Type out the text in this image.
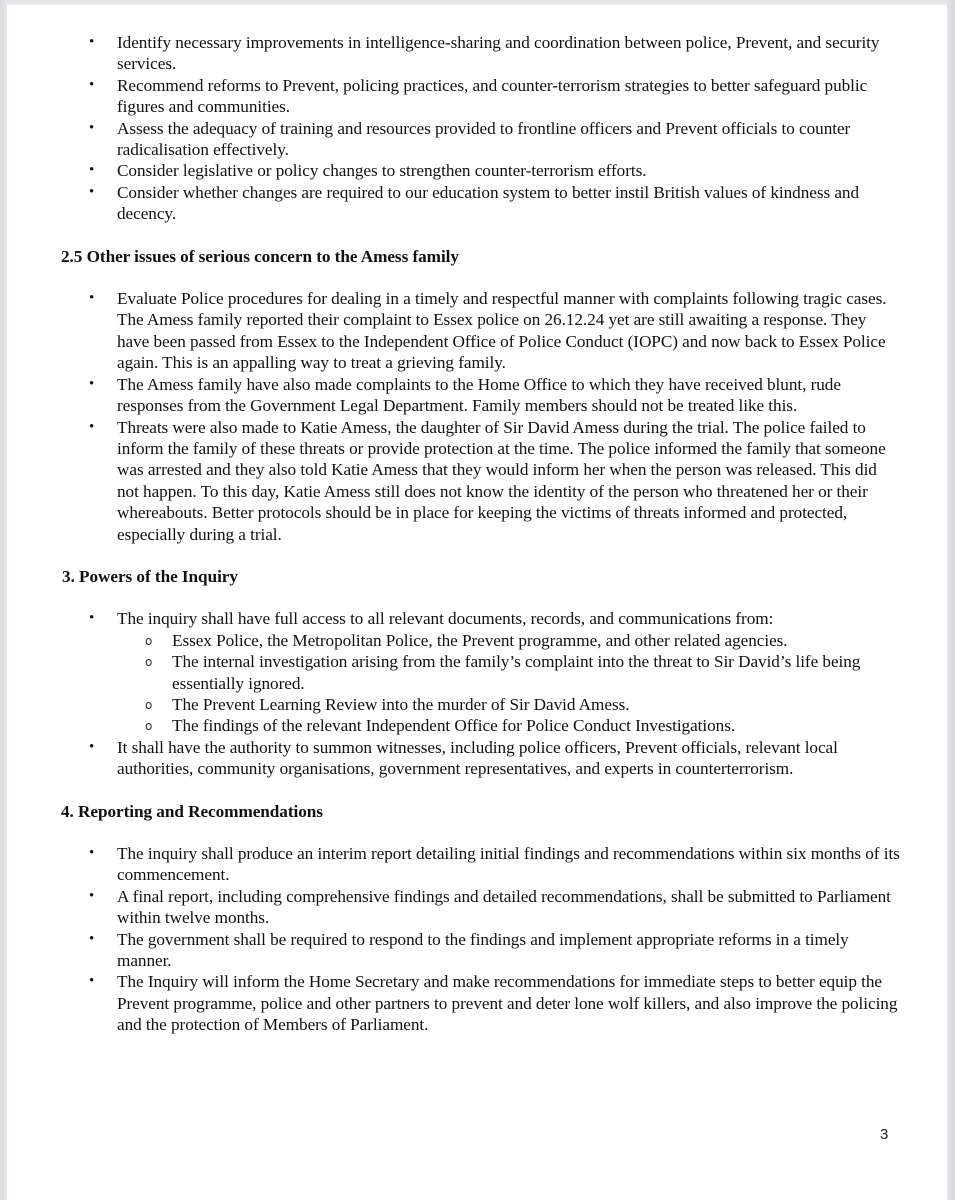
• Identify necessary improvements in intelligence-sharing and coordination between police, Prevent, and security services.
• Recommend reforms to Prevent, policing practices, and counter-terrorism strategies to better safeguard public figures and communities.
• Assess the adequacy of training and resources provided to frontline officers and Prevent officials to counter radicalisation effectively.
• Consider legislative or policy changes to strengthen counter-terrorism efforts.
• Consider whether changes are required to our education system to better instil British values of kindness and decency.

2.5 Other issues of serious concern to the Amess family

• Evaluate Police procedures for dealing in a timely and respectful manner with complaints following tragic cases. The Amess family reported their complaint to Essex police on 26.12.24 yet are still awaiting a response. They have been passed from Essex to the Independent Office of Police Conduct (IOPC) and now back to Essex Police again. This is an appalling way to treat a grieving family.
• The Amess family have also made complaints to the Home Office to which they have received blunt, rude responses from the Government Legal Department. Family members should not be treated like this.
• Threats were also made to Katie Amess, the daughter of Sir David Amess during the trial. The police failed to inform the family of these threats or provide protection at the time. The police informed the family that someone was arrested and they also told Katie Amess that they would inform her when the person was released. This did not happen. To this day, Katie Amess still does not know the identity of the person who threatened her or their whereabouts. Better protocols should be in place for keeping the victims of threats informed and protected, especially during a trial.

3. Powers of the Inquiry

• The inquiry shall have full access to all relevant documents, records, and communications from:
o Essex Police, the Metropolitan Police, the Prevent programme, and other related agencies.
o The internal investigation arising from the family’s complaint into the threat to Sir David’s life being essentially ignored.
o The Prevent Learning Review into the murder of Sir David Amess.
o The findings of the relevant Independent Office for Police Conduct Investigations.
• It shall have the authority to summon witnesses, including police officers, Prevent officials, relevant local authorities, community organisations, government representatives, and experts in counterterrorism.

4. Reporting and Recommendations

• The inquiry shall produce an interim report detailing initial findings and recommendations within six months of its commencement.
• A final report, including comprehensive findings and detailed recommendations, shall be submitted to Parliament within twelve months.
• The government shall be required to respond to the findings and implement appropriate reforms in a timely manner.
• The Inquiry will inform the Home Secretary and make recommendations for immediate steps to better equip the Prevent programme, police and other partners to prevent and deter lone wolf killers, and also improve the policing and the protection of Members of Parliament.
3
